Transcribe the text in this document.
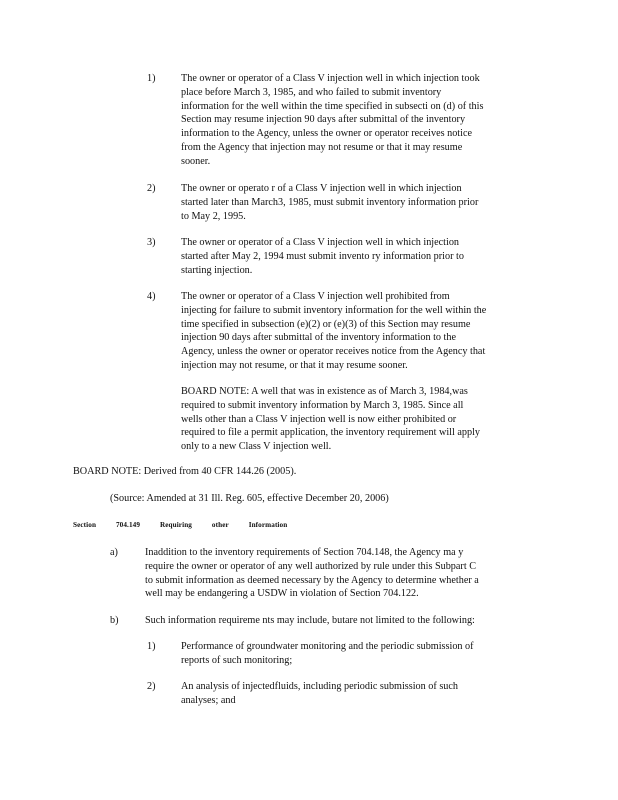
1)	The owner or operator of a Class V injection well in which injection took
place before March 3, 1985, and who failed to submit inventory
information for the well within the time specified in subsecti on (d) of this
Section may resume injection 90 days after submittal of the inventory
information to the Agency, unless the owner or operator receives notice
from the Agency that injection may not resume or that it may resume
sooner.
2)	The owner or operato r of a Class V injection well in which injection
started later than March3, 1985, must submit inventory information prior
to May 2, 1995.
3)	The owner or operator of a Class V injection well in which injection
started after May 2, 1994 must submit invento ry information prior to
starting injection.
4)	The owner or operator of a Class V injection well prohibited from
injecting for failure to submit inventory information for the well within the
time specified in subsection (e)(2) or (e)(3) of this Section may resume
injection 90 days after submittal of the inventory information to the
Agency, unless the owner or operator receives notice from the Agency that
injection may not resume, or that it may resume sooner.
BOARD NOTE: A well that was in existence as of March 3, 1984,was
required to submit inventory information by March 3, 1985. Since all
wells other than a Class V injection well is now either prohibited or
required to file a permit application, the inventory requirement will apply
only to a new Class V injection well.
BOARD NOTE: Derived from 40 CFR 144.26 (2005).
(Source: Amended at 31 Ill. Reg. 605, effective December 20, 2006)
Section	704.149	Requiring	other	Information
a)	Inaddition to the inventory requirements of Section 704.148, the Agency ma y
require the owner or operator of any well authorized by rule under this Subpart C
to submit information as deemed necessary by the Agency to determine whether a
well may be endangering a USDW in violation of Section 704.122.
b)	Such information requireme nts may include, butare not limited to the following:
1)	Performance of groundwater monitoring and the periodic submission of
reports of such monitoring;
2)	An analysis of injectedfluids, including periodic submission of such
analyses; and
